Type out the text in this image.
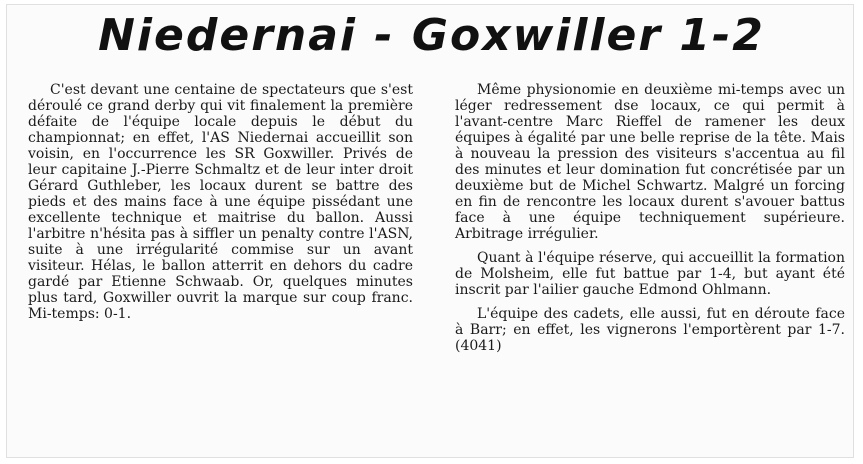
Niedernai - Goxwiller 1-2

C'est devant une centaine de spectateurs que s'est déroulé ce grand derby qui vit finalement la première défaite de l'équipe locale depuis le début du championnat; en effet, l'AS Niedernai accueillit son voisin, en l'occurrence les SR Goxwiller. Privés de leur capitaine J.-Pierre Schmaltz et de leur inter droit Gérard Guthleber, les locaux durent se battre des pieds et des mains face à une équipe pissédant une excellente technique et maitrise du ballon. Aussi l'arbitre n'hésita pas à siffler un penalty contre l'ASN, suite à une irrégularité commise sur un avant visiteur. Hélas, le ballon atterrit en dehors du cadre gardé par Etienne Schwaab. Or, quelques minutes plus tard, Goxwiller ouvrit la marque sur coup franc. Mi-temps: 0-1.

Même physionomie en deuxième mi-temps avec un léger redressement dse locaux, ce qui permit à l'avant-centre Marc Rieffel de ramener les deux équipes à égalité par une belle reprise de la tête. Mais à nouveau la pression des visiteurs s'accentua au fil des minutes et leur domination fut concrétisée par un deuxième but de Michel Schwartz. Malgré un forcing en fin de rencontre les locaux durent s'avouer battus face à une équipe techniquement supérieure. Arbitrage irrégulier.

Quant à l'équipe réserve, qui accueillit la formation de Molsheim, elle fut battue par 1-4, but ayant été inscrit par l'ailier gauche Edmond Ohlmann.

L'équipe des cadets, elle aussi, fut en déroute face à Barr; en effet, les vignerons l'emportèrent par 1-7. (4041)
